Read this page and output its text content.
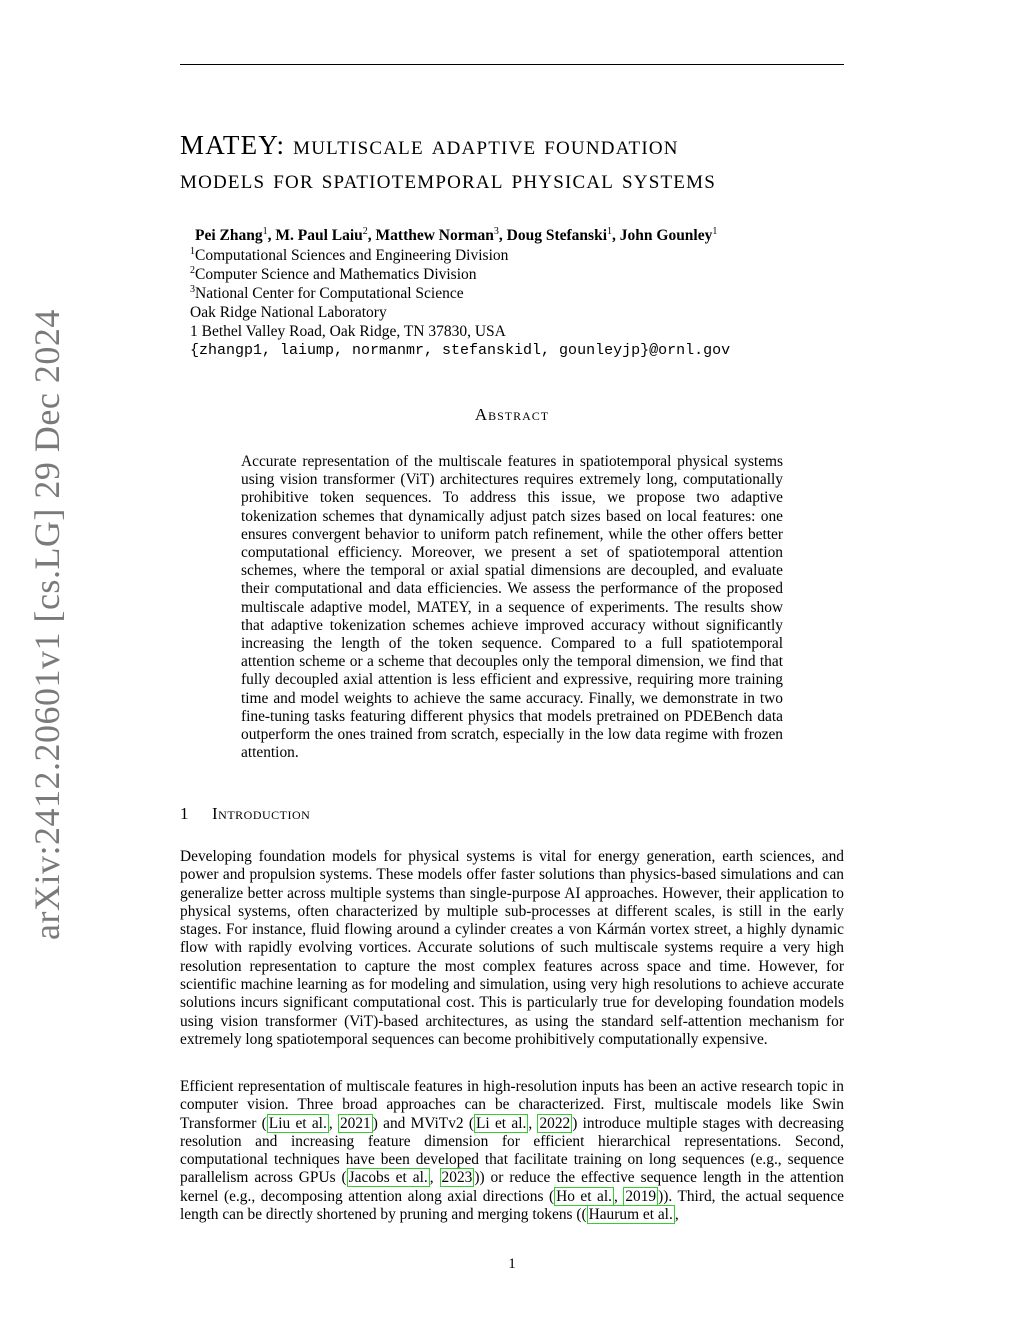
arXiv:2412.20601v1 [cs.LG] 29 Dec 2024
MATEY: multiscale adaptive foundation
models for spatiotemporal physical systems
Pei Zhang$^1$, M. Paul Laiu$^2$, Matthew Norman$^3$, Doug Stefanski$^1$, John Gounley$^1$
$^1$Computational Sciences and Engineering Division
$^2$Computer Science and Mathematics Division
$^3$National Center for Computational Science
Oak Ridge National Laboratory
1 Bethel Valley Road, Oak Ridge, TN 37830, USA
{zhangp1, laiump, normanmr, stefanskidl, gounleyjp}@ornl.gov
Abstract
Accurate representation of the multiscale features in spatiotemporal physical systems using vision transformer (ViT) architectures requires extremely long, computationally prohibitive token sequences. To address this issue, we propose two adaptive tokenization schemes that dynamically adjust patch sizes based on local features: one ensures convergent behavior to uniform patch refinement, while the other offers better computational efficiency. Moreover, we present a set of spatiotemporal attention schemes, where the temporal or axial spatial dimensions are decoupled, and evaluate their computational and data efficiencies. We assess the performance of the proposed multiscale adaptive model, MATEY, in a sequence of experiments. The results show that adaptive tokenization schemes achieve improved accuracy without significantly increasing the length of the token sequence. Compared to a full spatiotemporal attention scheme or a scheme that decouples only the temporal dimension, we find that fully decoupled axial attention is less efficient and expressive, requiring more training time and model weights to achieve the same accuracy. Finally, we demonstrate in two fine-tuning tasks featuring different physics that models pretrained on PDEBench data outperform the ones trained from scratch, especially in the low data regime with frozen attention.
1 Introduction
Developing foundation models for physical systems is vital for energy generation, earth sciences, and power and propulsion systems. These models offer faster solutions than physics-based simulations and can generalize better across multiple systems than single-purpose AI approaches. However, their application to physical systems, often characterized by multiple sub-processes at different scales, is still in the early stages. For instance, fluid flowing around a cylinder creates a von Kármán vortex street, a highly dynamic flow with rapidly evolving vortices. Accurate solutions of such multiscale systems require a very high resolution representation to capture the most complex features across space and time. However, for scientific machine learning as for modeling and simulation, using very high resolutions to achieve accurate solutions incurs significant computational cost. This is particularly true for developing foundation models using vision transformer (ViT)-based architectures, as using the standard self-attention mechanism for extremely long spatiotemporal sequences can become prohibitively computationally expensive.
Efficient representation of multiscale features in high-resolution inputs has been an active research topic in computer vision. Three broad approaches can be characterized. First, multiscale models like Swin Transformer ( Liu et al. , 2021 ) and MViTv2 ( Li et al. , 2022 ) introduce multiple stages with decreasing resolution and increasing feature dimension for efficient hierarchical representations. Second, computational techniques have been developed that facilitate training on long sequences (e.g., sequence parallelism across GPUs ( Jacobs et al. , 2023 )) or reduce the effective sequence length in the attention kernel (e.g., decomposing attention along axial directions ( Ho et al. , 2019 )). Third, the actual sequence length can be directly shortened by pruning and merging tokens (( Haurum et al. ,
1
